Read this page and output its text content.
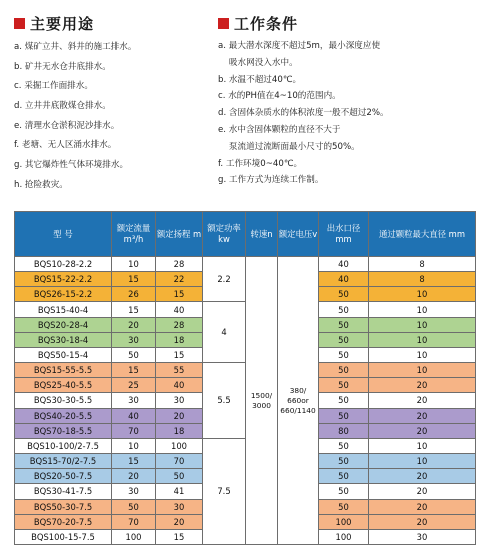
主要用途
a. 煤矿立井、斜井的施工排水。
b. 矿井无水仓井底排水。
c. 采掘工作面排水。
d. 立井井底散煤仓排水。
e. 清理水仓淤积泥沙排水。
f. 老塘、无人区涌水排水。
g. 其它爆炸性气体环境排水。
h. 抢险救灾。
工作条件
a. 最大潜水深度不超过5m，最小深度应使
吸水网没入水中。
b. 水温不超过40℃。
c. 水的PH值在4~10的范围内。
d. 含固体杂质水的体积浓度一般不超过2%。
e. 水中含固体颗粒的直径不大于
泵流道过流断面最小尺寸的50%。
f. 工作环境0~40℃。
g. 工作方式为连续工作制。
型 号	额定流量 m³/h	额定扬程 m	额定功率 kw	转速n	额定电压v	出水口径 mm	通过颗粒最大直径 mm
BQS10-28-2.2	10	28	2.2	1500/ 3000	380/ 660or 660/1140	40	8
BQS15-22-2.2	15	22				40	8
BQS26-15-2.2	26	15				50	10
BQS15-40-4	15	40	4			50	10
BQS20-28-4	20	28				50	10
BQS30-18-4	30	18				50	10
BQS50-15-4	50	15				50	10
BQS15-55-5.5	15	55	5.5			50	10
BQS25-40-5.5	25	40				50	20
BQS30-30-5.5	30	30				50	20
BQS40-20-5.5	40	20				50	20
BQS70-18-5.5	70	18				80	20
BQS10-100/2-7.5	10	100	7.5			50	10
BQS15-70/2-7.5	15	70				50	10
BQS20-50-7.5	20	50				50	20
BQS30-41-7.5	30	41				50	20
BQS50-30-7.5	50	30				50	20
BQS70-20-7.5	70	20				100	20
BQS100-15-7.5	100	15				100	30
